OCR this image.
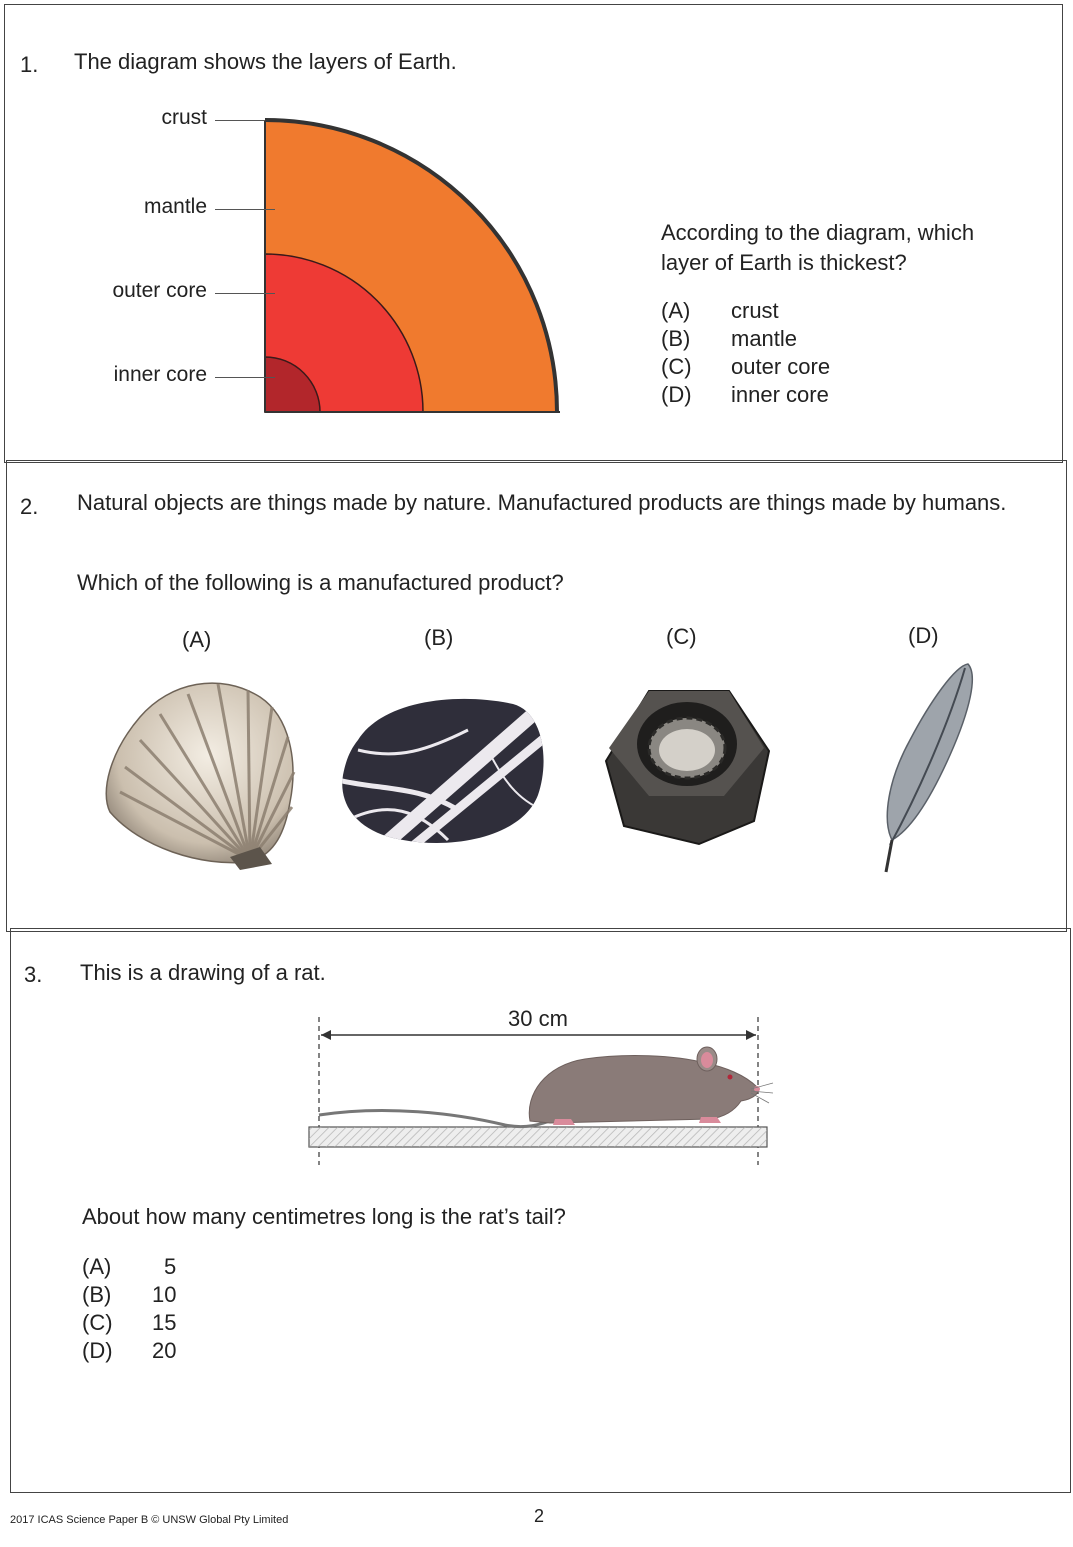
1. The diagram shows the layers of Earth.
crust
mantle
outer core
inner core
According to the diagram, which layer of Earth is thickest?
(A) crust
(B) mantle
(C) outer core
(D) inner core
2. Natural objects are things made by nature. Manufactured products are things made by humans.
Which of the following is a manufactured product?
(A)	(B)	(C)	(D)
3. This is a drawing of a rat.
30 cm
About how many centimetres long is the rat’s tail?
(A) 5
(B) 10
(C) 15
(D) 20
2017 ICAS Science Paper B © UNSW Global Pty Limited	2
